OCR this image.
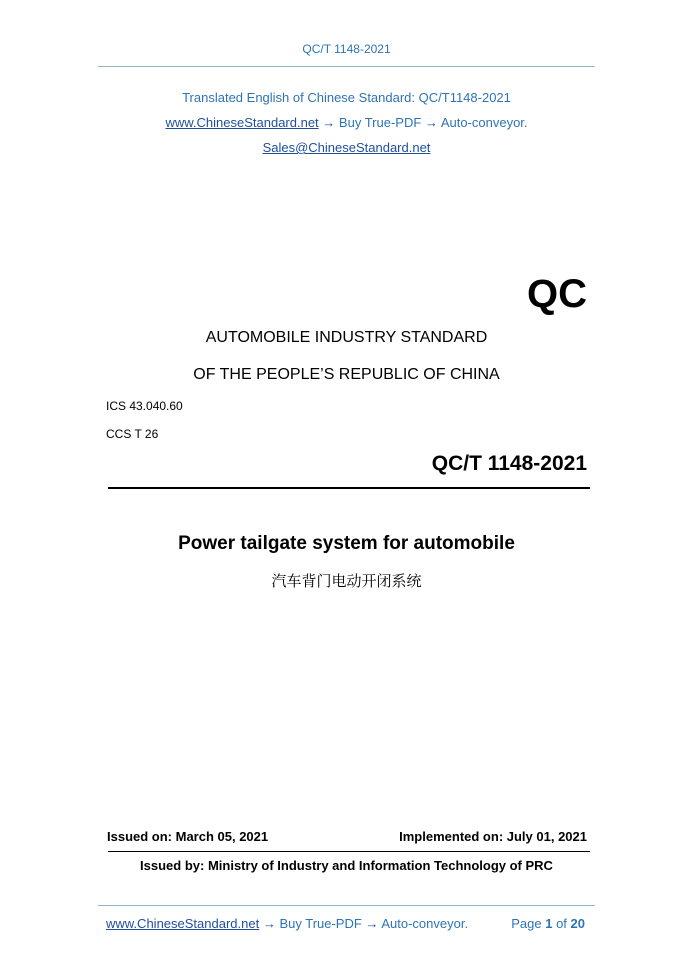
QC/T 1148-2021
Translated English of Chinese Standard: QC/T1148-2021
www.ChineseStandard.net → Buy True-PDF → Auto-conveyor.
Sales@ChineseStandard.net
QC
AUTOMOBILE INDUSTRY STANDARD
OF THE PEOPLE’S REPUBLIC OF CHINA
ICS 43.040.60
CCS T 26
QC/T 1148-2021
Power tailgate system for automobile
汽车背门电动开闭系统
Issued on: March 05, 2021	Implemented on: July 01, 2021
Issued by: Ministry of Industry and Information Technology of PRC
www.ChineseStandard.net → Buy True-PDF → Auto-conveyor.	Page 1 of 20
